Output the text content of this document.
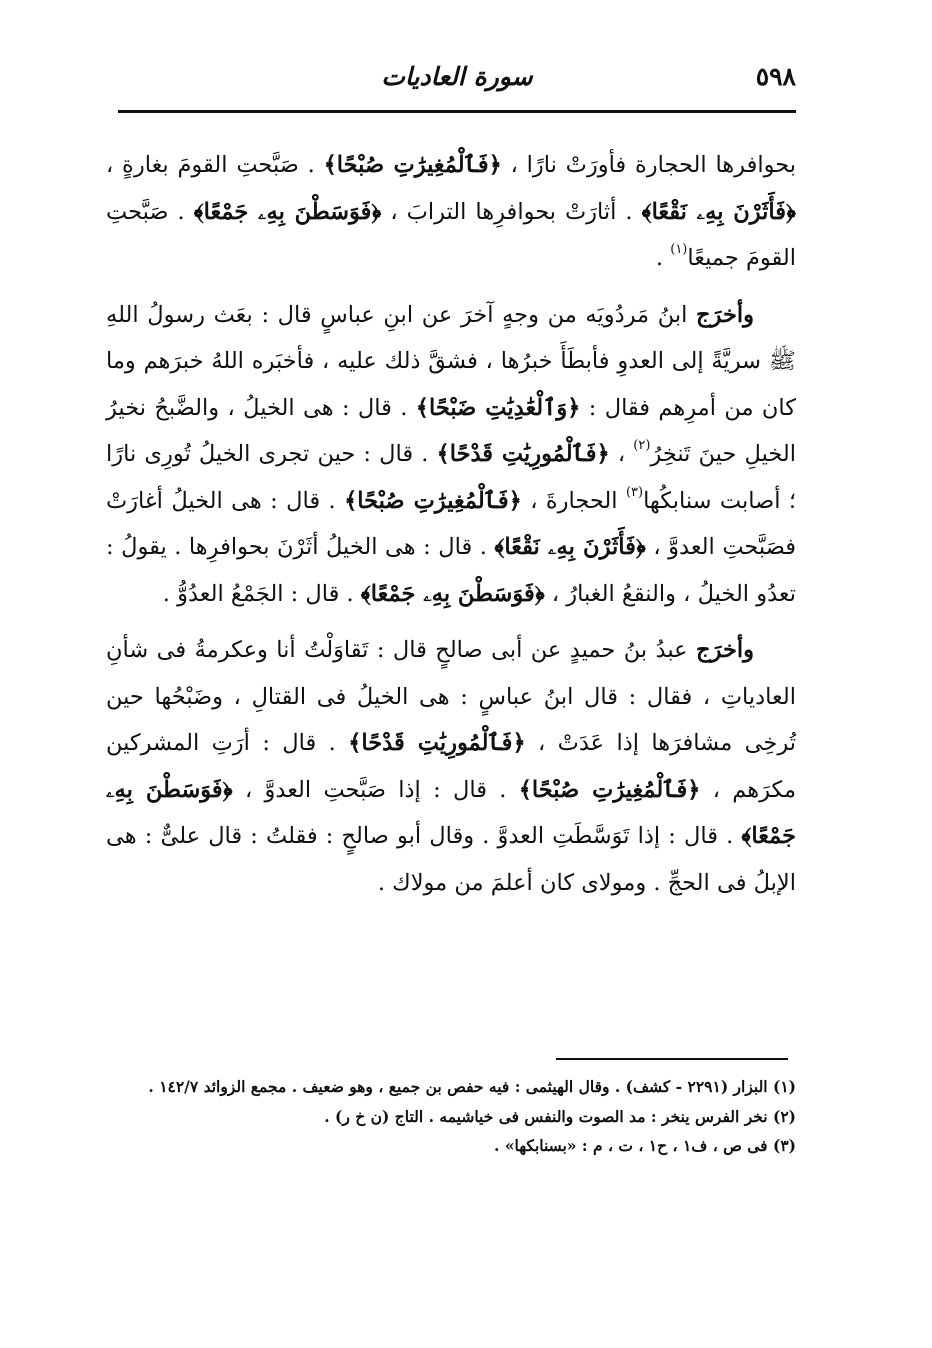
٥٩٨
سورة العاديات

بحوافرها الحجارة فأورَتْ نارًا ، ﴿فَٱلْمُغِيرَٰتِ صُبْحًا﴾ . صَبَّحتِ القومَ بغارةٍ ، ﴿فَأَثَرْنَ بِهِۦ نَقْعًا﴾ . أثارَتْ بحوافرِها الترابَ ، ﴿فَوَسَطْنَ بِهِۦ جَمْعًا﴾ . صَبَّحتِ القومَ جميعًا$^{(١)}$ .

وأخرَج ابنُ مَردُويَه من وجهٍ آخرَ عن ابنِ عباسٍ قال : بعَث رسولُ اللهِ ﷺ سريَّةً إلى العدوِ فأبطَأَ خبرُها ، فشقَّ ذلك عليه ، فأخبَره اللهُ خبرَهم وما كان من أمرِهم فقال : ﴿وَٱلْعَٰدِيَٰتِ ضَبْحًا﴾ . قال : هى الخيلُ ، والضَّبحُ نخيرُ الخيلِ حينَ تَنخِرُ$^{(٢)}$ ، ﴿فَٱلْمُورِيَٰتِ قَدْحًا﴾ . قال : حين تجرى الخيلُ تُورِى نارًا ؛ أصابت سنابكُها$^{(٣)}$ الحجارةَ ، ﴿فَٱلْمُغِيرَٰتِ صُبْحًا﴾ . قال : هى الخيلُ أغارَتْ فصَبَّحتِ العدوَّ ، ﴿فَأَثَرْنَ بِهِۦ نَقْعًا﴾ . قال : هى الخيلُ أثَرْنَ بحوافرِها . يقولُ : تعدُو الخيلُ ، والنقعُ الغبارُ ، ﴿فَوَسَطْنَ بِهِۦ جَمْعًا﴾ . قال : الجَمْعُ العدُوُّ .

وأخرَج عبدُ بنُ حميدٍ عن أبى صالحٍ قال : تَقاوَلْتُ أنا وعكرمةُ فى شأنِ العادياتِ ، فقال : قال ابنُ عباسٍ : هى الخيلُ فى القتالِ ، وضَبْحُها حين تُرخِى مشافرَها إذا عَدَتْ ، ﴿فَٱلْمُورِيَٰتِ قَدْحًا﴾ . قال : أرَتِ المشركين مكرَهم ، ﴿فَٱلْمُغِيرَٰتِ صُبْحًا﴾ . قال : إذا صَبَّحتِ العدوَّ ، ﴿فَوَسَطْنَ بِهِۦ جَمْعًا﴾ . قال : إذا تَوَسَّطَتِ العدوَّ . وقال أبو صالحٍ : فقلتُ : قال علىٌّ : هى الإبلُ فى الحجِّ . ومولاى كان أعلمَ من مولاك .

(١) البزار (٢٢٩١ - كشف) . وقال الهيثمى : فيه حفص بن جميع ، وهو ضعيف . مجمع الزوائد ١٤٢/٧ .

(٢) نخر الفرس ينخر : مد الصوت والنفس فى خياشيمه . التاج (ن خ ر) .

(٣) فى ص ، ف١ ، ح١ ، ت ، م : «بسنابكها» .
